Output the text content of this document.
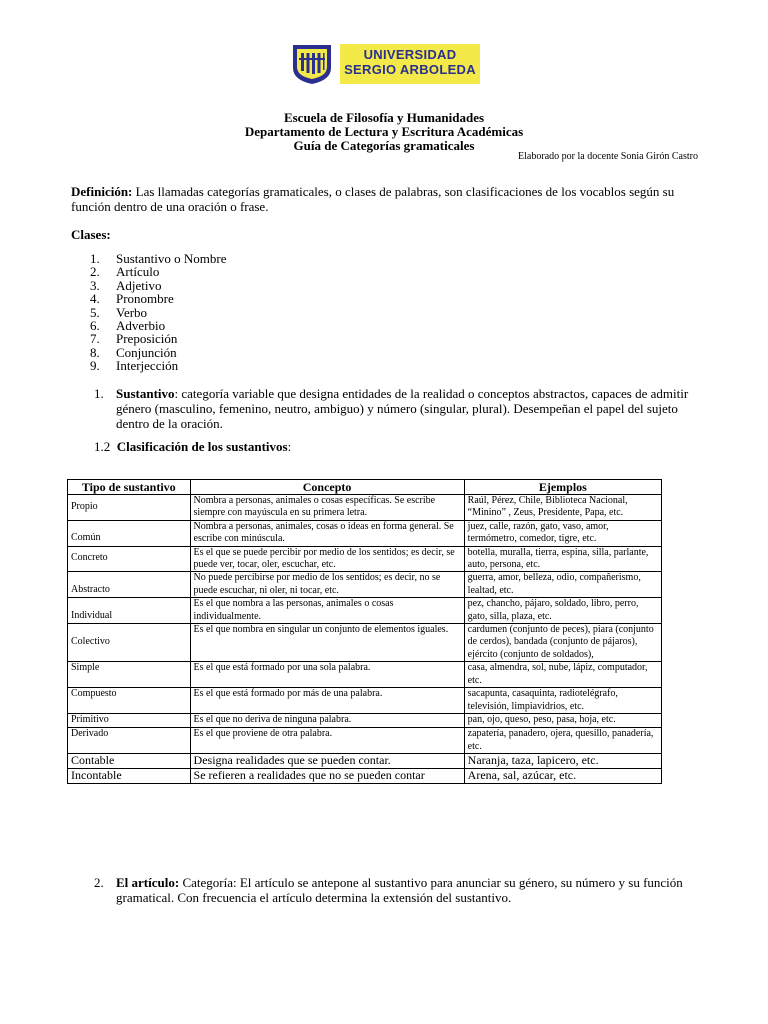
UNIVERSIDAD
SERGIO ARBOLEDA
Escuela de Filosofía y Humanidades
Departamento de Lectura y Escritura Académicas
Guía de Categorías gramaticales
Elaborado por la docente Sonia Girón Castro
Definición: Las llamadas categorías gramaticales, o clases de palabras, son clasificaciones de los vocablos según su función dentro de una oración o frase.
Clases:
1. Sustantivo o Nombre
2. Artículo
3. Adjetivo
4. Pronombre
5. Verbo
6. Adverbio
7. Preposición
8. Conjunción
9. Interjección
1. Sustantivo: categoría variable que designa entidades de la realidad o conceptos abstractos, capaces de admitir género (masculino, femenino, neutro, ambiguo) y número (singular, plural). Desempeñan el papel del sujeto dentro de la oración.
1.2 Clasificación de los sustantivos:
Tipo de sustantivo	Concepto	Ejemplos
Propio	Nombra a personas, animales o cosas específicas. Se escribe siempre con mayúscula en su primera letra.	Raúl, Pérez, Chile, Biblioteca Nacional, “Minino” , Zeus, Presidente, Papa, etc.
Común	Nombra a personas, animales, cosas o ideas en forma general. Se escribe con minúscula.	juez, calle, razón, gato, vaso, amor, termómetro, comedor, tigre, etc.
Concreto	Es el que se puede percibir por medio de los sentidos; es decir, se puede ver, tocar, oler, escuchar, etc.	botella, muralla, tierra, espina, silla, parlante, auto, persona, etc.
Abstracto	No puede percibirse por medio de los sentidos; es decir, no se puede escuchar, ni oler, ni tocar, etc.	guerra, amor, belleza, odio, compañerismo, lealtad, etc.
Individual	Es el que nombra a las personas, animales o cosas individualmente.	pez, chancho, pájaro, soldado, libro, perro, gato, silla, plaza, etc.
Colectivo	Es el que nombra en singular un conjunto de elementos iguales.	cardumen (conjunto de peces), piara (conjunto de cerdos), bandada (conjunto de pájaros), ejército (conjunto de soldados),
Simple	Es el que está formado por una sola palabra.	casa, almendra, sol, nube, lápiz, computador, etc.
Compuesto	Es el que está formado por más de una palabra.	sacapunta, casaquinta, radiotelégrafo, televisión, limpiavidrios, etc.
Primitivo	Es el que no deriva de ninguna palabra.	pan, ojo, queso, peso, pasa, hoja, etc.
Derivado	Es el que proviene de otra palabra.	zapatería, panadero, ojera, quesillo, panadería, etc.
Contable	Designa realidades que se pueden contar.	Naranja, taza, lapicero, etc.
Incontable	Se refieren a realidades que no se pueden contar	Arena, sal, azúcar, etc.
2. El artículo: Categoría: El artículo se antepone al sustantivo para anunciar su género, su número y su función gramatical. Con frecuencia el artículo determina la extensión del sustantivo.
